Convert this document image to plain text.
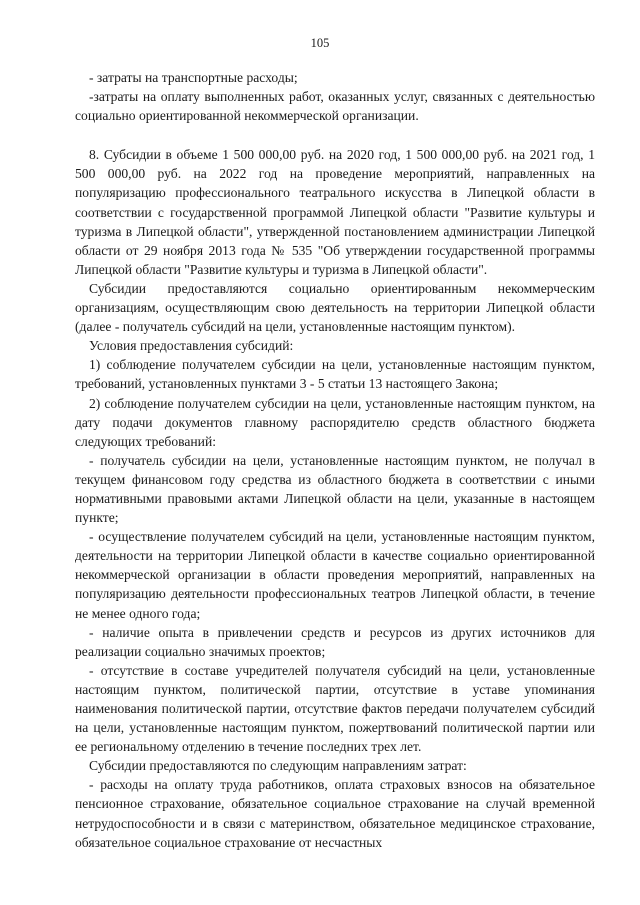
105

- затраты на транспортные расходы;

-затраты на оплату выполненных работ, оказанных услуг, связанных с деятельностью социально ориентированной некоммерческой организации.

8. Субсидии в объеме 1 500 000,00 руб. на 2020 год, 1 500 000,00 руб. на 2021 год, 1 500 000,00 руб. на 2022 год на проведение мероприятий, направленных на популяризацию профессионального театрального искусства в Липецкой области в соответствии с государственной программой Липецкой области "Развитие культуры и туризма в Липецкой области", утвержденной постановлением администрации Липецкой области от 29 ноября 2013 года № 535 "Об утверждении государственной программы Липецкой области "Развитие культуры и туризма в Липецкой области".

Субсидии предоставляются социально ориентированным некоммерческим организациям, осуществляющим свою деятельность на территории Липецкой области (далее - получатель субсидий на цели, установленные настоящим пунктом).

Условия предоставления субсидий:

1) соблюдение получателем субсидии на цели, установленные настоящим пунктом, требований, установленных пунктами 3 - 5 статьи 13 настоящего Закона;

2) соблюдение получателем субсидии на цели, установленные настоящим пунктом, на дату подачи документов главному распорядителю средств областного бюджета следующих требований:

- получатель субсидии на цели, установленные настоящим пунктом, не получал в текущем финансовом году средства из областного бюджета в соответствии с иными нормативными правовыми актами Липецкой области на цели, указанные в настоящем пункте;

- осуществление получателем субсидий на цели, установленные настоящим пунктом, деятельности на территории Липецкой области в качестве социально ориентированной некоммерческой организации в области проведения мероприятий, направленных на популяризацию деятельности профессиональных театров Липецкой области, в течение не менее одного года;

- наличие опыта в привлечении средств и ресурсов из других источников для реализации социально значимых проектов;

- отсутствие в составе учредителей получателя субсидий на цели, установленные настоящим пунктом, политической партии, отсутствие в уставе упоминания наименования политической партии, отсутствие фактов передачи получателем субсидий на цели, установленные настоящим пунктом, пожертвований политической партии или ее региональному отделению в течение последних трех лет.

Субсидии предоставляются по следующим направлениям затрат:

- расходы на оплату труда работников, оплата страховых взносов на обязательное пенсионное страхование, обязательное социальное страхование на случай временной нетрудоспособности и в связи с материнством, обязательное медицинское страхование, обязательное социальное страхование от несчастных
